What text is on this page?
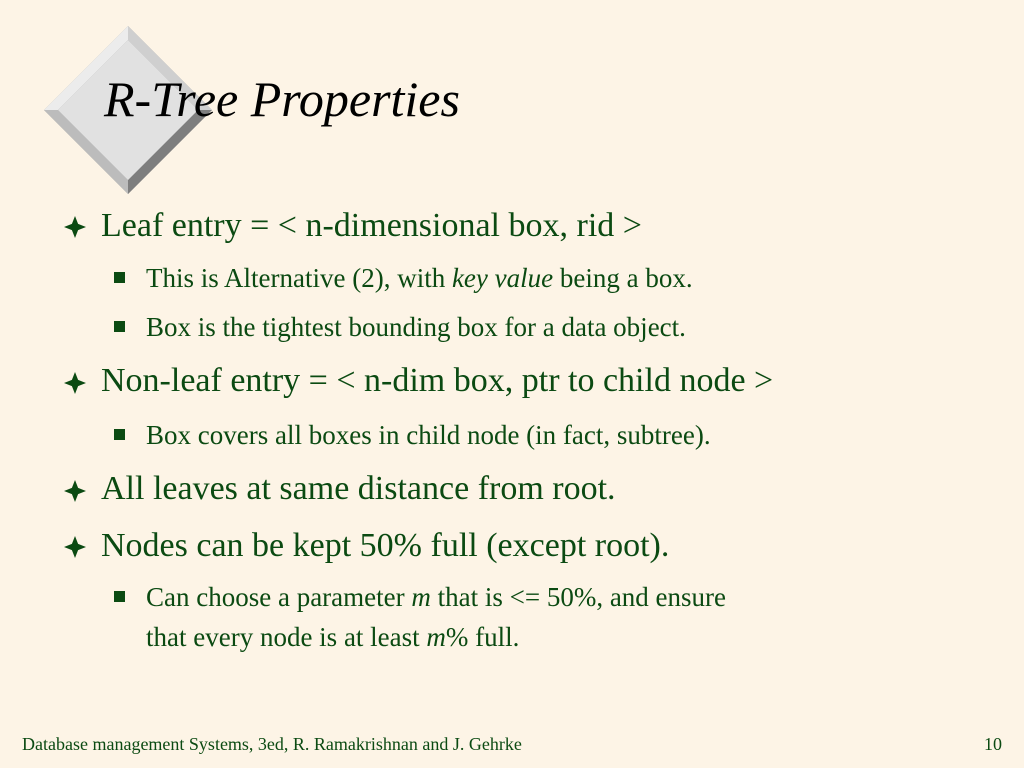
R-Tree Properties
Leaf entry = < n-dimensional box, rid >
This is Alternative (2), with key value being a box.
Box is the tightest bounding box for a data object.
Non-leaf entry = < n-dim box, ptr to child node >
Box covers all boxes in child node (in fact, subtree).
All leaves at same distance from root.
Nodes can be kept 50% full (except root).
Can choose a parameter m that is <= 50%, and ensure
that every node is at least m% full.
Database management Systems, 3ed, R. Ramakrishnan and J. Gehrke	10
